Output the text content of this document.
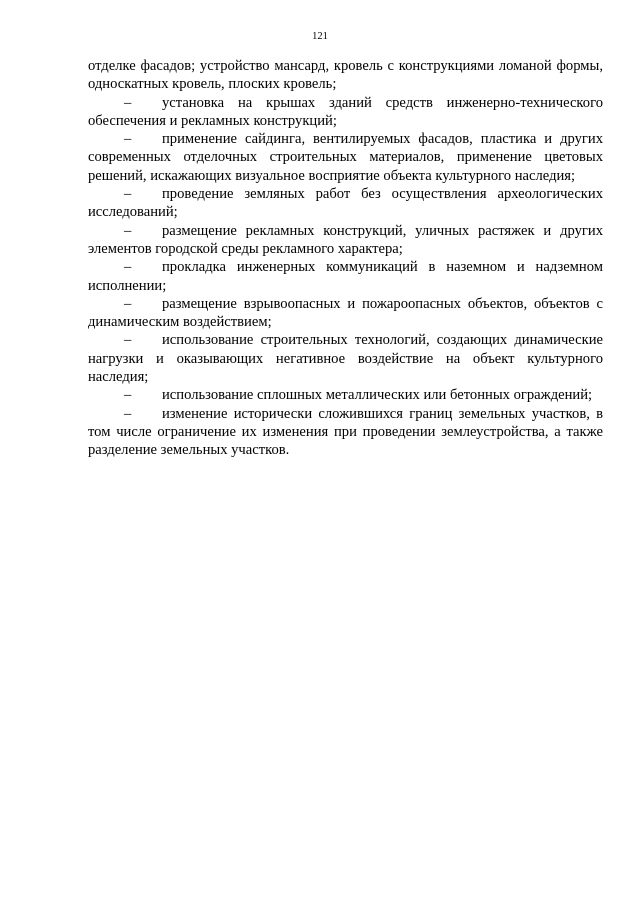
121

отделке фасадов; устройство мансард, кровель с конструкциями ломаной формы, односкатных кровель, плоских кровель;

– установка на крышах зданий средств инженерно-технического обеспечения и рекламных конструкций;

– применение сайдинга, вентилируемых фасадов, пластика и других современных отделочных строительных материалов, применение цветовых решений, искажающих визуальное восприятие объекта культурного наследия;

– проведение земляных работ без осуществления археологических исследований;

– размещение рекламных конструкций, уличных растяжек и других элементов городской среды рекламного характера;

– прокладка инженерных коммуникаций в наземном и надземном исполнении;

– размещение взрывоопасных и пожароопасных объектов, объектов с динамическим воздействием;

– использование строительных технологий, создающих динамические нагрузки и оказывающих негативное воздействие на объект культурного наследия;

– использование сплошных металлических или бетонных ограждений;

– изменение исторически сложившихся границ земельных участков, в том числе ограничение их изменения при проведении землеустройства, а также разделение земельных участков.
